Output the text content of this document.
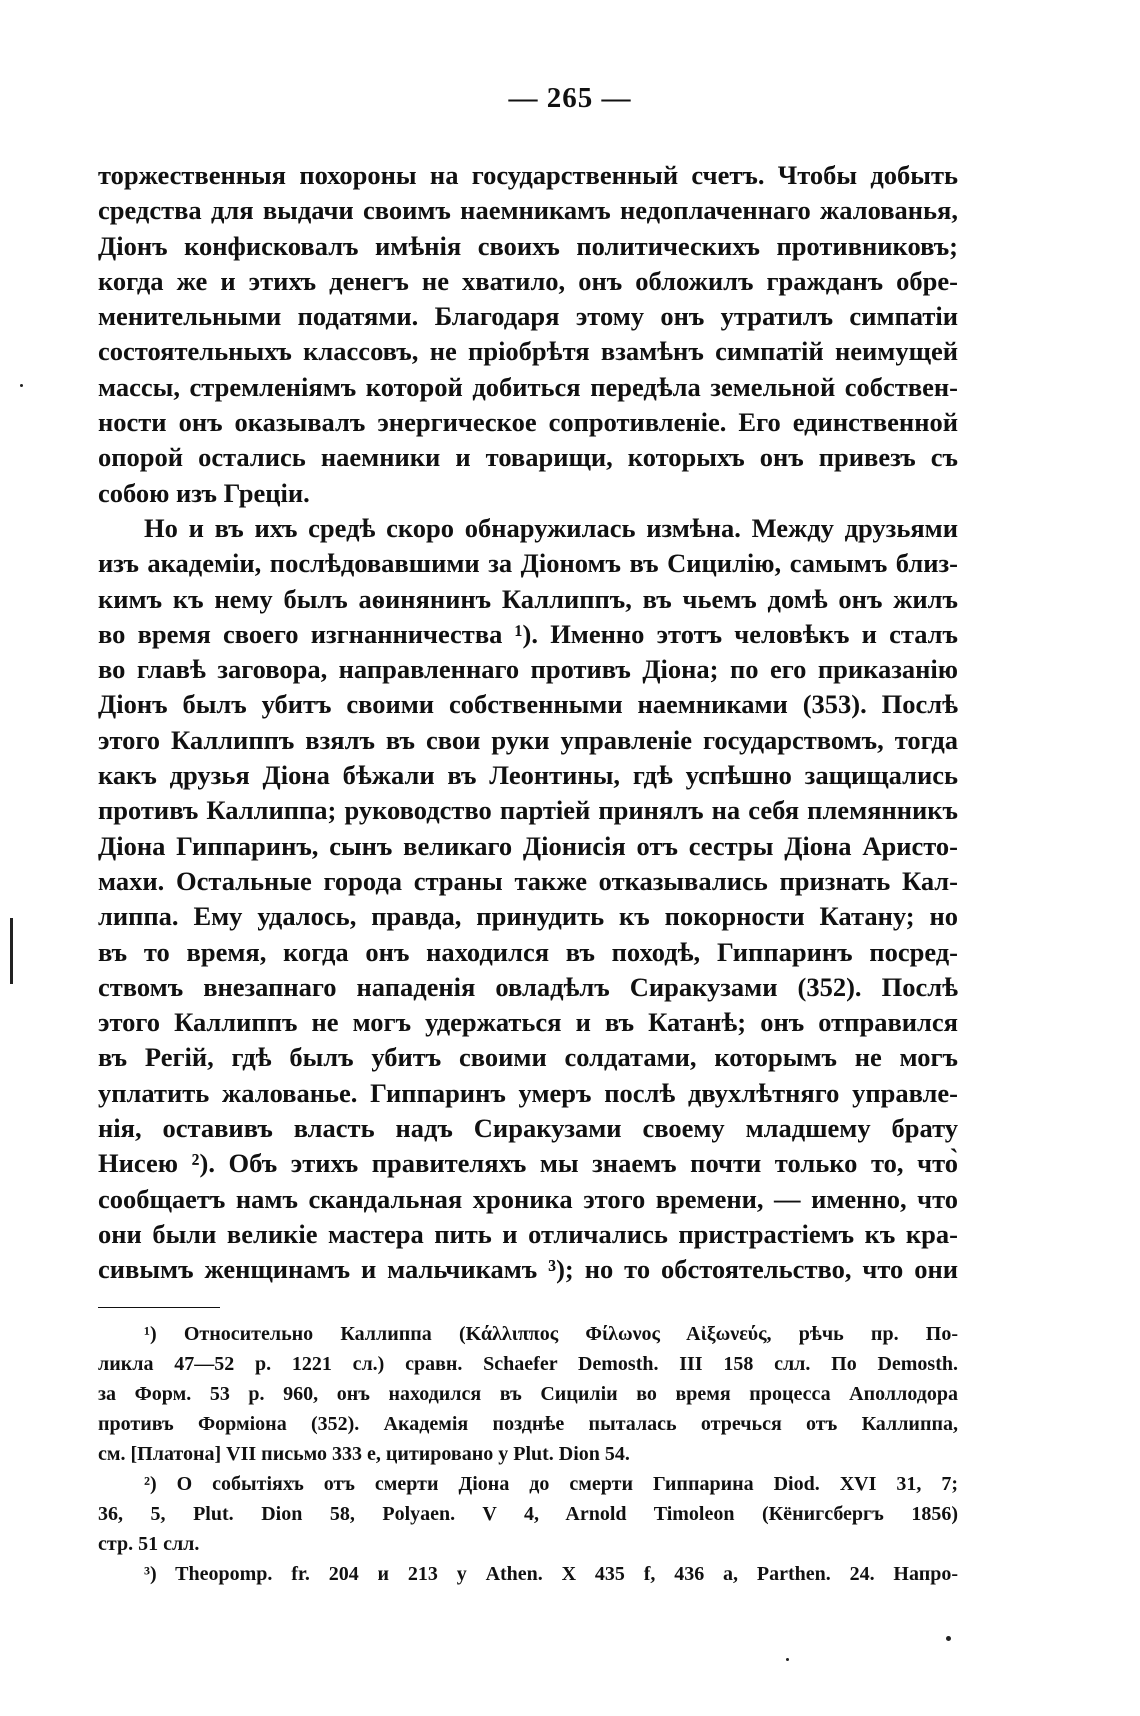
— 265 —
торжественныя похороны на государственный счетъ. Чтобы добыть
средства для выдачи своимъ наемникамъ недоплаченнаго жалованья,
Діонъ конфисковалъ имѣнія своихъ политическихъ противниковъ;
когда же и этихъ денегъ не хватило, онъ обложилъ гражданъ обре-
менительными податями. Благодаря этому онъ утратилъ симпатіи
состоятельныхъ классовъ, не пріобрѣтя взамѣнъ симпатій неимущей
массы, стремленіямъ которой добиться передѣла земельной собствен-
ности онъ оказывалъ энергическое сопротивленіе. Его единственной
опорой остались наемники и товарищи, которыхъ онъ привезъ съ
собою изъ Греціи.
Но и въ ихъ средѣ скоро обнаружилась измѣна. Между друзьями
изъ академіи, послѣдовавшими за Діономъ въ Сицилію, самымъ близ-
кимъ къ нему былъ аѳинянинъ Каллиппъ, въ чьемъ домѣ онъ жилъ
во время своего изгнанничества ¹). Именно этотъ человѣкъ и сталъ
во главѣ заговора, направленнаго противъ Діона; по его приказанію
Діонъ былъ убитъ своими собственными наемниками (353). Послѣ
этого Каллиппъ взялъ въ свои руки управленіе государствомъ, тогда
какъ друзья Діона бѣжали въ Леонтины, гдѣ успѣшно защищались
противъ Каллиппа; руководство партіей принялъ на себя племянникъ
Діона Гиппаринъ, сынъ великаго Діонисія отъ сестры Діона Аристо-
махи. Остальные города страны также отказывались признать Кал-
липпа. Ему удалось, правда, принудить къ покорности Катану; но
въ то время, когда онъ находился въ походѣ, Гиппаринъ посред-
ствомъ внезапнаго нападенія овладѣлъ Сиракузами (352). Послѣ
этого Каллиппъ не могъ удержаться и въ Катанѣ; онъ отправился
въ Регій, гдѣ былъ убитъ своими солдатами, которымъ не могъ
уплатить жалованье. Гиппаринъ умеръ послѣ двухлѣтняго управле-
нія, оставивъ власть надъ Сиракузами своему младшему брату
Нисею ²). Объ этихъ правителяхъ мы знаемъ почти только то, что̀
сообщаетъ намъ скандальная хроника этого времени, — именно, что
они были великіе мастера пить и отличались пристрастіемъ къ кра-
сивымъ женщинамъ и мальчикамъ ³); но то обстоятельство, что они
¹) Относительно Каллиппа (Κάλλιππος Φίλωνος Αἰξωνεύς, рѣчь пр. По-
ликла 47—52 р. 1221 сл.) сравн. Schaefer Demosth. III 158 слл. По Demosth.
за Форм. 53 р. 960, онъ находился въ Сициліи во время процесса Аполлодора
противъ Формiона (352). Академія позднѣе пыталась отречься отъ Каллиппа,
см. [Платона] VII письмо 333 e, цитировано у Plut. Dion 54.
²) О событіяхъ отъ смерти Діона до смерти Гиппарина Diod. XVI 31, 7;
36, 5, Plut. Dion 58, Polyaen. V 4, Arnold Timoleon (Кёнигсбергъ 1856)
стр. 51 слл.
³) Theopomp. fr. 204 и 213 у Athen. X 435 f, 436 a, Parthen. 24. Напро-
